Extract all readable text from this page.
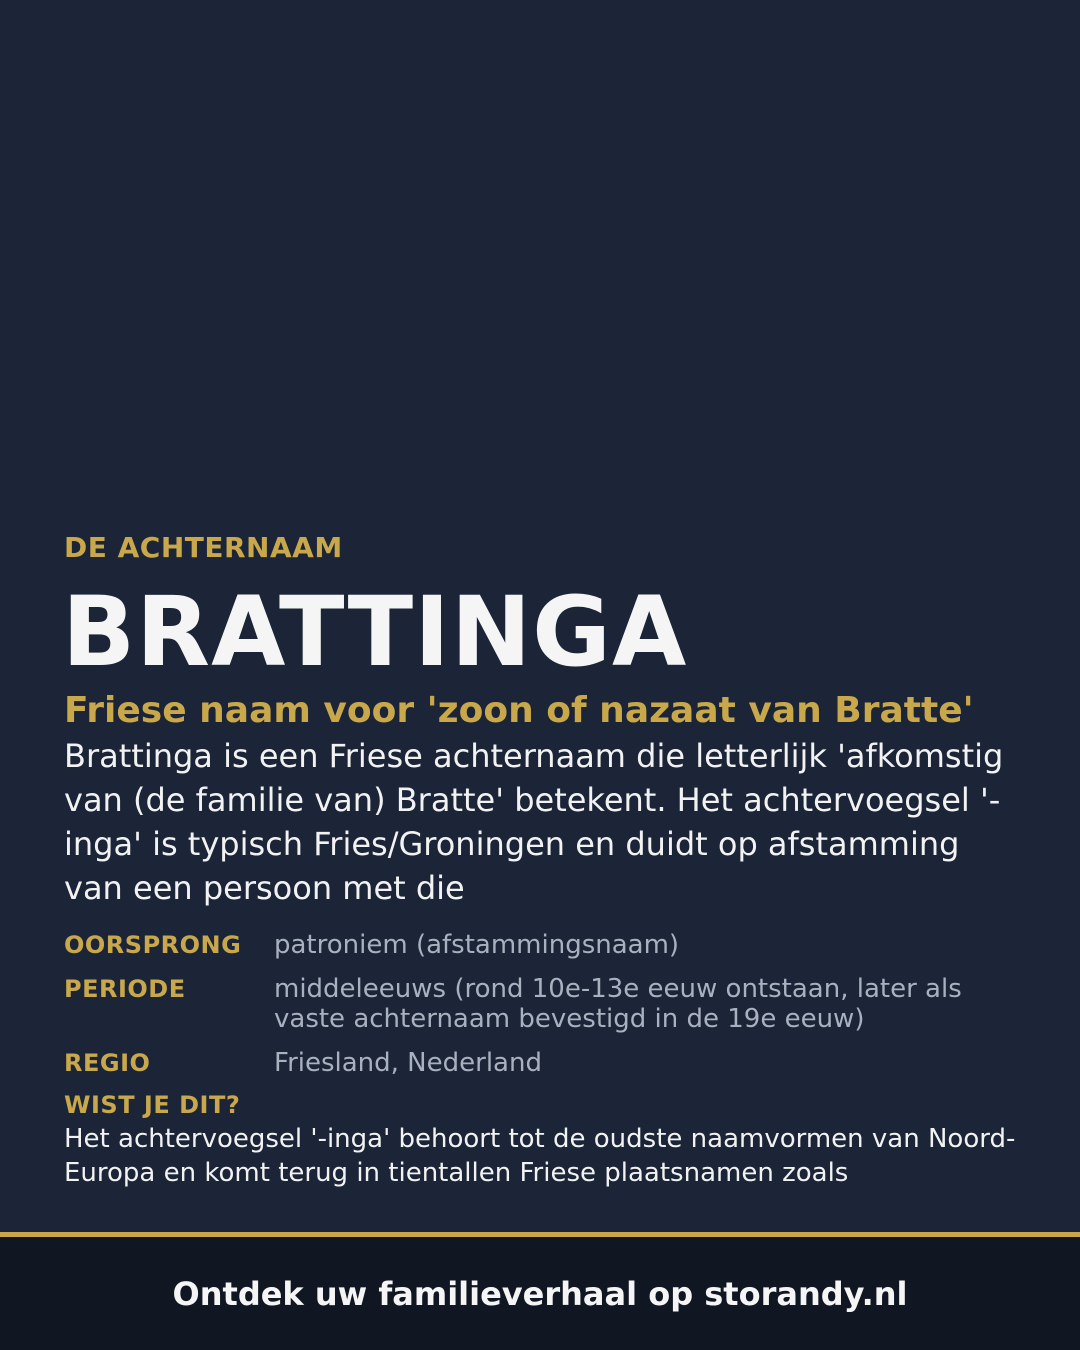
DE ACHTERNAAM

BRATTINGA

Friese naam voor 'zoon of nazaat van Bratte'

Brattinga is een Friese achternaam die letterlijk 'afkomstig van (de familie van) Bratte' betekent. Het achtervoegsel '-inga' is typisch Fries/Groningen en duidt op afstamming van een persoon met die

OORSPRONG	patroniem (afstammingsnaam)
PERIODE	middeleeuws (rond 10e-13e eeuw ontstaan, later als vaste achternaam bevestigd in de 19e eeuw)
REGIO	Friesland, Nederland
WIST JE DIT?
Het achtervoegsel '-inga' behoort tot de oudste naamvormen van Noord-Europa en komt terug in tientallen Friese plaatsnamen zoals
Ontdek uw familieverhaal op storandy.nl
